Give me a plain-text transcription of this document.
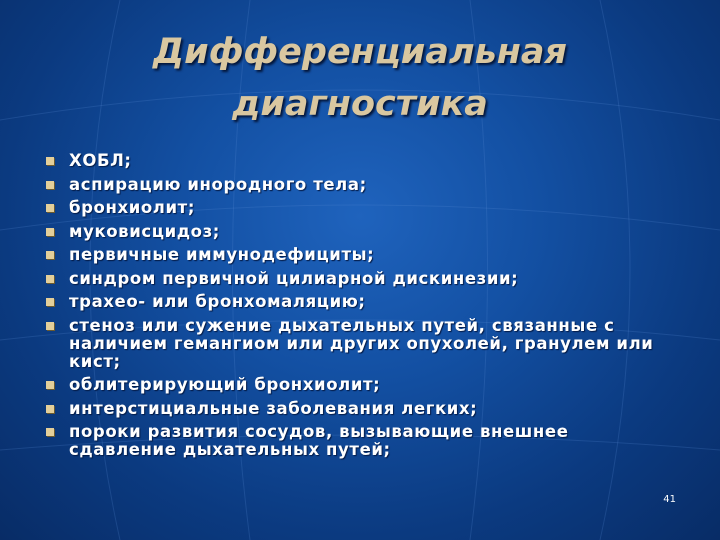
Дифференциальная
диагностика
ХОБЛ;
аспирацию инородного тела;
бронхиолит;
муковисцидоз;
первичные иммунодефициты;
синдром первичной цилиарной дискинезии;
трахео- или бронхомаляцию;
стеноз или сужение дыхательных путей, связанные с наличием гемангиом или других опухолей, гранулем или кист;
облитерирующий бронхиолит;
интерстициальные заболевания легких;
пороки развития сосудов, вызывающие внешнее сдавление дыхательных путей;
41
